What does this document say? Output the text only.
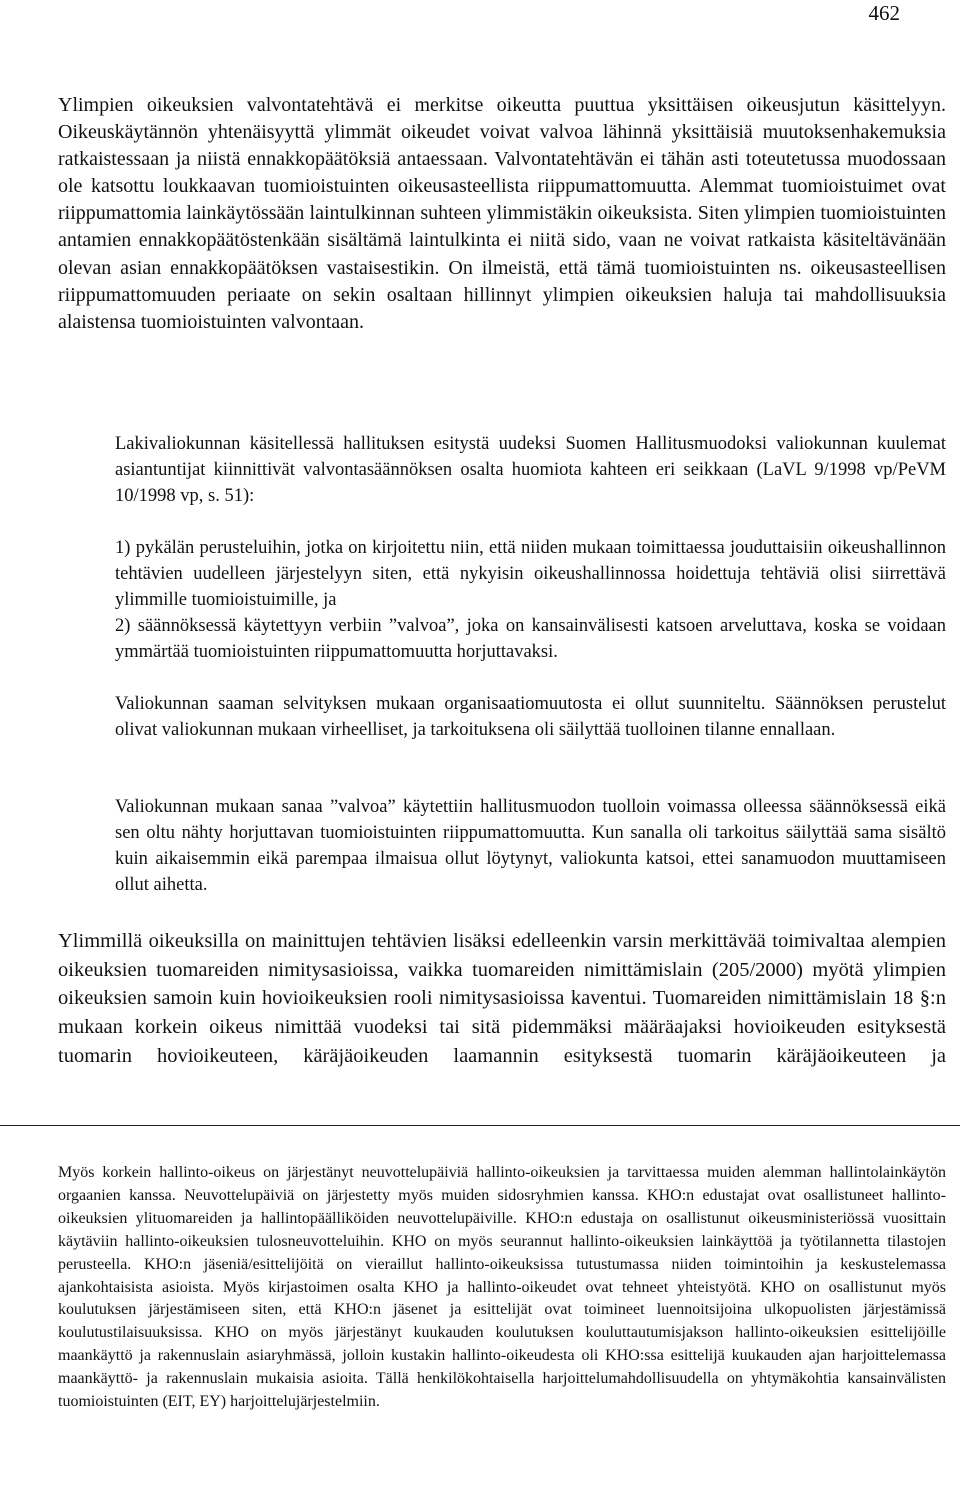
462

Ylimpien oikeuksien valvontatehtävä ei merkitse oikeutta puuttua yksittäisen oikeusjutun käsittelyyn. Oikeuskäytännön yhtenäisyyttä ylimmät oikeudet voivat valvoa lähinnä yksittäisiä muutoksenhakemuksia ratkaistessaan ja niistä ennakkopäätöksiä antaessaan. Valvontatehtävän ei tähän asti toteutetussa muodossaan ole katsottu loukkaavan tuomioistuinten oikeusasteellista riippumattomuutta. Alemmat tuomioistuimet ovat riippumattomia lainkäytössään laintulkinnan suhteen ylimmistäkin oikeuksista. Siten ylimpien tuomioistuinten antamien ennakkopäätöstenkään sisältämä laintulkinta ei niitä sido, vaan ne voivat ratkaista käsiteltävänään olevan asian ennakkopäätöksen vastaisestikin. On ilmeistä, että tämä tuomioistuinten ns. oikeusasteellisen riippumattomuuden periaate on sekin osaltaan hillinnyt ylimpien oikeuksien haluja tai mahdollisuuksia alaistensa tuomioistuinten valvontaan.

Lakivaliokunnan käsitellessä hallituksen esitystä uudeksi Suomen Hallitusmuodoksi valiokunnan kuulemat asiantuntijat kiinnittivät valvontasäännöksen osalta huomiota kahteen eri seikkaan (LaVL 9/1998 vp/PeVM 10/1998 vp, s. 51):

1) pykälän perusteluihin, jotka on kirjoitettu niin, että niiden mukaan toimittaessa jouduttaisiin oikeushallinnon tehtävien uudelleen järjestelyyn siten, että nykyisin oikeushallinnossa hoidettuja tehtäviä olisi siirrettävä ylimmille tuomioistuimille, ja

2) säännöksessä käytettyyn verbiin ”valvoa”, joka on kansainvälisesti katsoen arveluttava, koska se voidaan ymmärtää tuomioistuinten riippumattomuutta horjuttavaksi.

Valiokunnan saaman selvityksen mukaan organisaatiomuutosta ei ollut suunniteltu. Säännöksen perustelut olivat valiokunnan mukaan virheelliset, ja tarkoituksena oli säilyttää tuolloinen tilanne ennallaan.

Valiokunnan mukaan sanaa ”valvoa” käytettiin hallitusmuodon tuolloin voimassa olleessa säännöksessä eikä sen oltu nähty horjuttavan tuomioistuinten riippumattomuutta. Kun sanalla oli tarkoitus säilyttää sama sisältö kuin aikaisemmin eikä parempaa ilmaisua ollut löytynyt, valiokunta katsoi, ettei sanamuodon muuttamiseen ollut aihetta.

Ylimmillä oikeuksilla on mainittujen tehtävien lisäksi edelleenkin varsin merkittävää toimivaltaa alempien oikeuksien tuomareiden nimitysasioissa, vaikka tuomareiden nimittämislain (205/2000) myötä ylimpien oikeuksien samoin kuin hovioikeuksien rooli nimitysasioissa kaventui. Tuomareiden nimittämislain 18 §:n mukaan korkein oikeus nimittää vuodeksi tai sitä pidemmäksi määräajaksi hovioikeuden esityksestä tuomarin hovioikeuteen, käräjäoikeuden laamannin esityksestä tuomarin käräjäoikeuteen ja

Myös korkein hallinto-oikeus on järjestänyt neuvottelupäiviä hallinto-oikeuksien ja tarvittaessa muiden alemman hallintolainkäytön orgaanien kanssa. Neuvottelupäiviä on järjestetty myös muiden sidosryhmien kanssa. KHO:n edustajat ovat osallistuneet hallinto-oikeuksien ylituomareiden ja hallintopäälliköiden neuvottelupäiville. KHO:n edustaja on osallistunut oikeusministeriössä vuosittain käytäviin hallinto-oikeuksien tulosneuvotteluihin. KHO on myös seurannut hallinto-oikeuksien lainkäyttöä ja työtilannetta tilastojen perusteella. KHO:n jäseniä/esittelijöitä on vieraillut hallinto-oikeuksissa tutustumassa niiden toimintoihin ja keskustelemassa ajankohtaisista asioista. Myös kirjastoimen osalta KHO ja hallinto-oikeudet ovat tehneet yhteistyötä. KHO on osallistunut myös koulutuksen järjestämiseen siten, että KHO:n jäsenet ja esittelijät ovat toimineet luennoitsijoina ulkopuolisten järjestämissä koulutustilaisuuksissa. KHO on myös järjestänyt kuukauden koulutuksen kouluttautumisjakson hallinto-oikeuksien esittelijöille maankäyttö ja rakennuslain asiaryhmässä, jolloin kustakin hallinto-oikeudesta oli KHO:ssa esittelijä kuukauden ajan harjoittelemassa maankäyttö- ja rakennuslain mukaisia asioita. Tällä henkilökohtaisella harjoittelumahdollisuudella on yhtymäkohtia kansainvälisten tuomioistuinten (EIT, EY) harjoittelujärjestelmiin.
